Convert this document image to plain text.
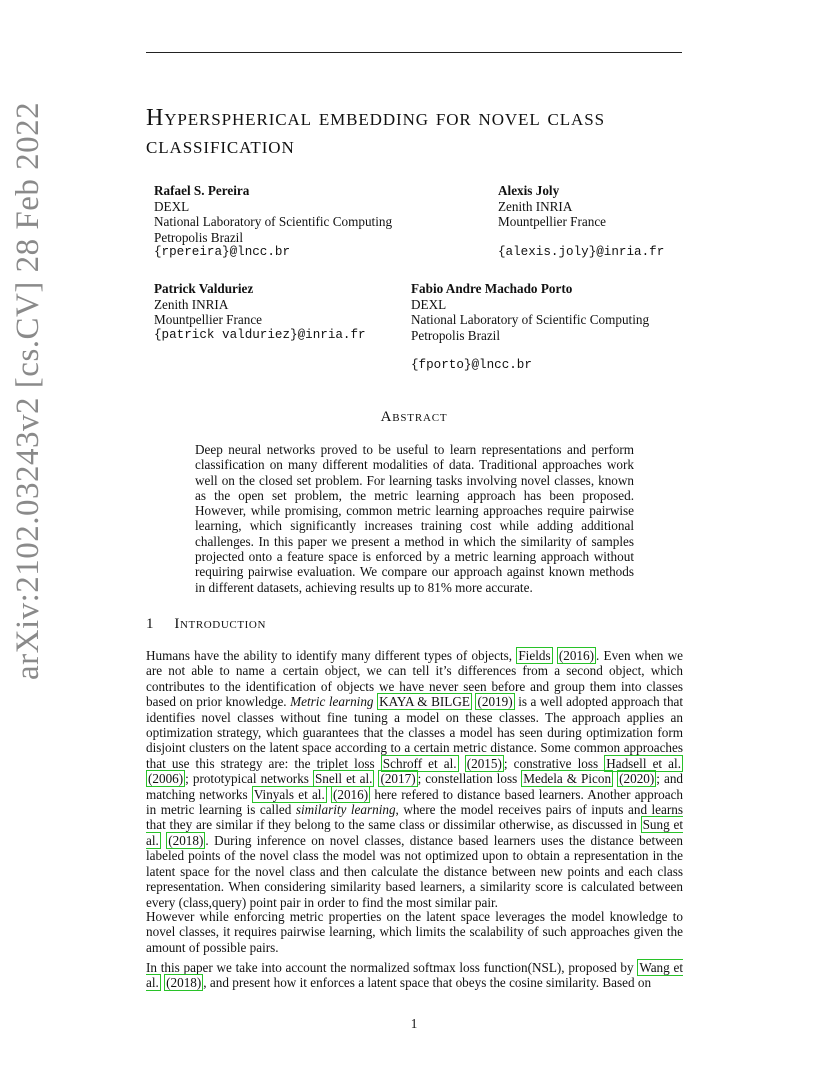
arXiv:2102.03243v2 [cs.CV] 28 Feb 2022	Hyperspherical embedding for novel class classification
Rafael S. Pereira
DEXL
National Laboratory of Scientific Computing
Petropolis Brazil
{rpereira}@lncc.br
Alexis Joly
Zenith INRIA
Mountpellier France
{alexis.joly}@inria.fr
Patrick Valduriez
Zenith INRIA
Mountpellier France
{patrick valduriez}@inria.fr
Fabio Andre Machado Porto
DEXL
National Laboratory of Scientific Computing
Petropolis Brazil
{fporto}@lncc.br
Abstract
Deep neural networks proved to be useful to learn representations and perform classification on many different modalities of data. Traditional approaches work well on the closed set problem. For learning tasks involving novel classes, known as the open set problem, the metric learning approach has been proposed. However, while promising, common metric learning approaches require pairwise learning, which significantly increases training cost while adding additional challenges. In this paper we present a method in which the similarity of samples projected onto a feature space is enforced by a metric learning approach without requiring pairwise evaluation. We compare our approach against known methods in different datasets, achieving results up to 81% more accurate.
1 Introduction
Humans have the ability to identify many different types of objects, Fields (2016) . Even when we are not able to name a certain object, we can tell it’s differences from a second object, which contributes to the identification of objects we have never seen before and group them into classes based on prior knowledge. Metric learning KAYA & BILGE (2019) is a well adopted approach that identifies novel classes without fine tuning a model on these classes. The approach applies an optimization strategy, which guarantees that the classes a model has seen during optimization form disjoint clusters on the latent space according to a certain metric distance. Some common approaches that use this strategy are: the triplet loss Schroff et al. (2015) ; constrative loss Hadsell et al. (2006) ; prototypical networks Snell et al. (2017) ; constellation loss Medela & Picon (2020) ; and matching networks Vinyals et al. (2016) here refered to distance based learners. Another approach in metric learning is called similarity learning, where the model receives pairs of inputs and learns that they are similar if they belong to the same class or dissimilar otherwise, as discussed in Sung et al. (2018) . During inference on novel classes, distance based learners uses the distance between labeled points of the novel class the model was not optimized upon to obtain a representation in the latent space for the novel class and then calculate the distance between new points and each class representation. When considering similarity based learners, a similarity score is calculated between every (class,query) point pair in order to find the most similar pair.
However while enforcing metric properties on the latent space leverages the model knowledge to novel classes, it requires pairwise learning, which limits the scalability of such approaches given the amount of possible pairs.
In this paper we take into account the normalized softmax loss function(NSL), proposed by Wang et al. (2018) , and present how it enforces a latent space that obeys the cosine similarity. Based on
1
